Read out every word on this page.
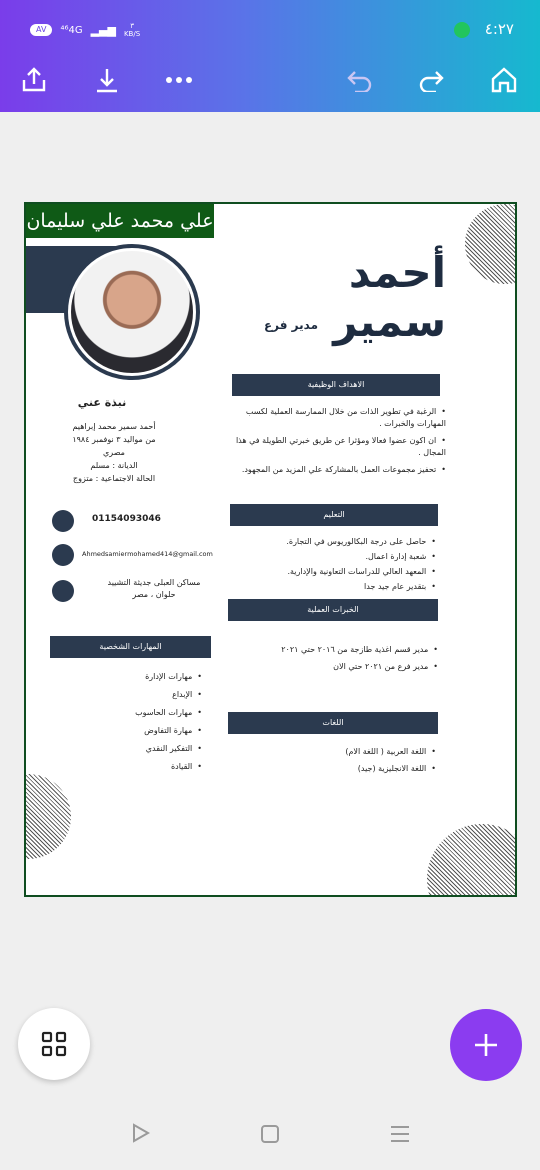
AV	⁴⁶4G ▂▄▆	٣
KB/S	٤:٢٧
علي محمد علي سليمان
أحمد سمير
مدير فرع
نبذة عني
أحمد سمير محمد إبراهيم
من مواليد ٣ نوفمبر ١٩٨٤
مصري
الديانة : مسلم
الحالة الاجتماعية : متزوج
01154093046
Ahmedsamiermohamed414@gmail.com
مساكن العبلى جديثة التشييد
حلوان ، مصر
المهارات الشخصية
• مهارات الإدارة
• الإبداع
• مهارات الحاسوب
• مهارة التفاوض
• التفكير النقدي
• القيادة
الاهداف الوظيفية
• الرغبة في تطوير الذات من خلال الممارسة العملية لكسب المهارات والخبرات .
• ان اكون عضوا فعالا ومؤثرا عن طريق خبرتي الطويلة في هذا المجال .
• تحفيز مجموعات العمل بالمشاركة علي المزيد من المجهود.
التعليم
• حاصل على درجة البكالوريوس في التجارة.
• شعبة إدارة اعمال.
• المعهد العالي للدراسات التعاونية والإدارية.
• بتقدير عام جيد جدا
الخبرات العملية
• مدير قسم اغذية طازجة من ٢٠١٦ حتي ٢٠٢١
• مدير فرع من ٢٠٢١ حتي الان
اللغات
• اللغة العربية ( اللغة الام)
• اللغة الانجليزية (جيد)
